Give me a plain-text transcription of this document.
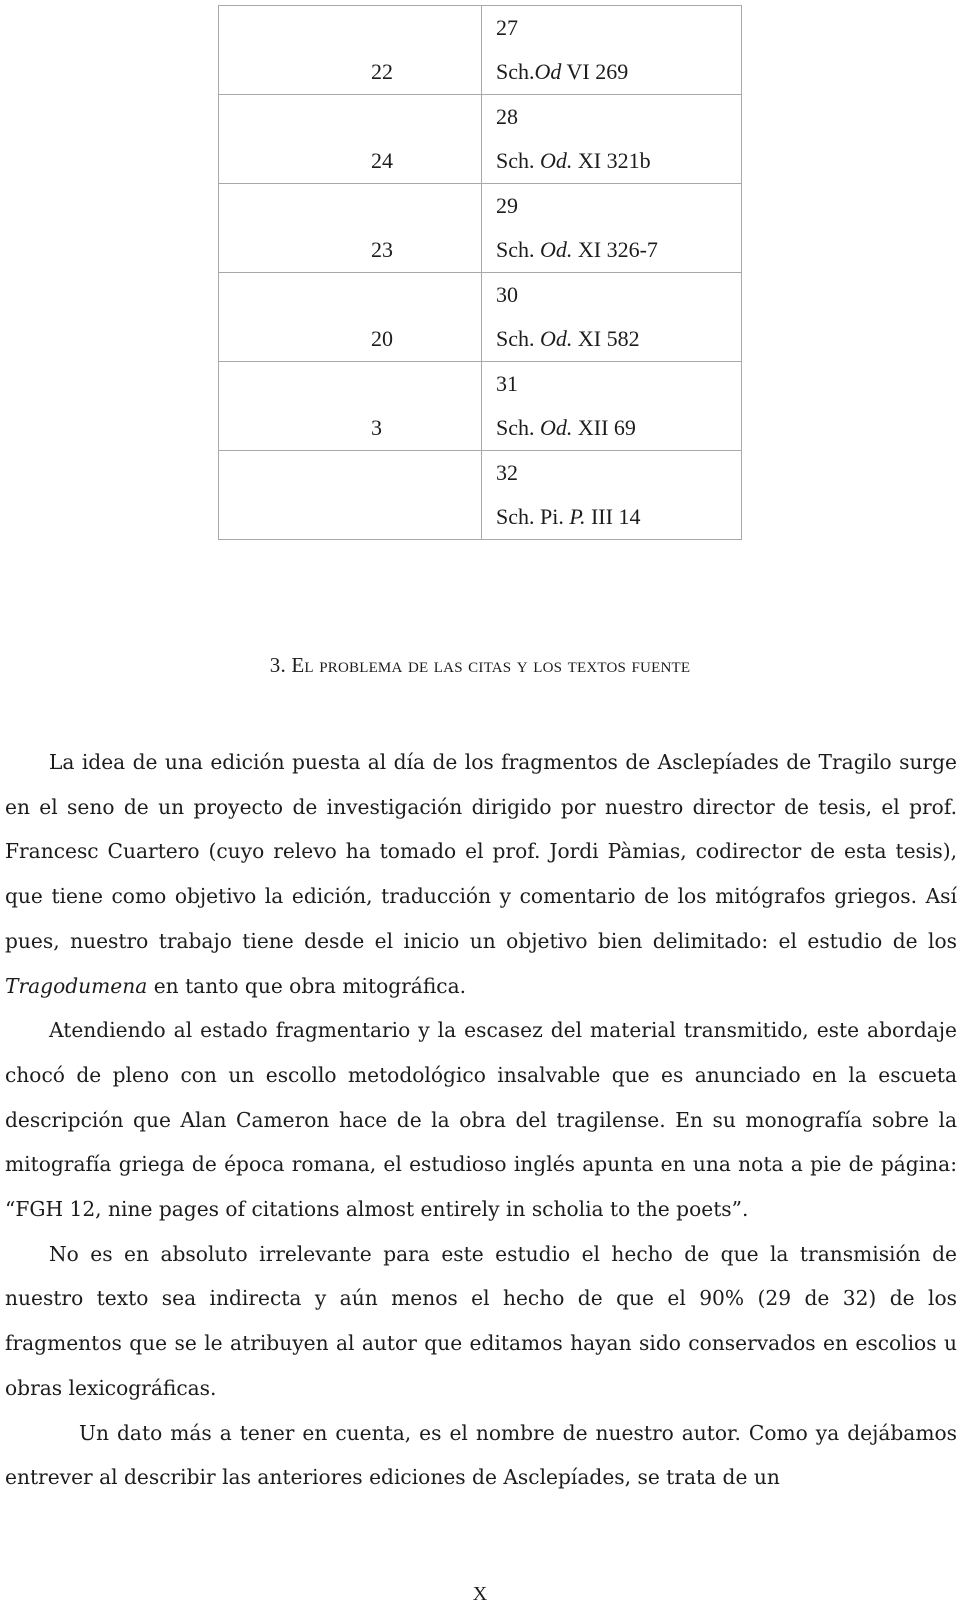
22	27
Sch.Od VI 269

24	28
Sch. Od. XI 321b

23	29
Sch. Od. XI 326-7

20	30
Sch. Od. XI 582

3	31
Sch. Od. XII 69

	32
Sch. Pi. P. III 14
3. El problema de las citas y los textos fuente

La idea de una edición puesta al día de los fragmentos de Asclepíades de Tragilo surge en el seno de un proyecto de investigación dirigido por nuestro director de tesis, el prof. Francesc Cuartero (cuyo relevo ha tomado el prof. Jordi Pàmias, codirector de esta tesis), que tiene como objetivo la edición, traducción y comentario de los mitógrafos griegos. Así pues, nuestro trabajo tiene desde el inicio un objetivo bien delimitado: el estudio de los Tragodumena en tanto que obra mitográfica.

Atendiendo al estado fragmentario y la escasez del material transmitido, este abordaje chocó de pleno con un escollo metodológico insalvable que es anunciado en la escueta descripción que Alan Cameron hace de la obra del tragilense. En su monografía sobre la mitografía griega de época romana, el estudioso inglés apunta en una nota a pie de página: “FGH 12, nine pages of citations almost entirely in scholia to the poets”.

No es en absoluto irrelevante para este estudio el hecho de que la transmisión de nuestro texto sea indirecta y aún menos el hecho de que el 90% (29 de 32) de los fragmentos que se le atribuyen al autor que editamos hayan sido conservados en escolios u obras lexicográficas.

Un dato más a tener en cuenta, es el nombre de nuestro autor. Como ya dejábamos entrever al describir las anteriores ediciones de Asclepíades, se trata de un

X
